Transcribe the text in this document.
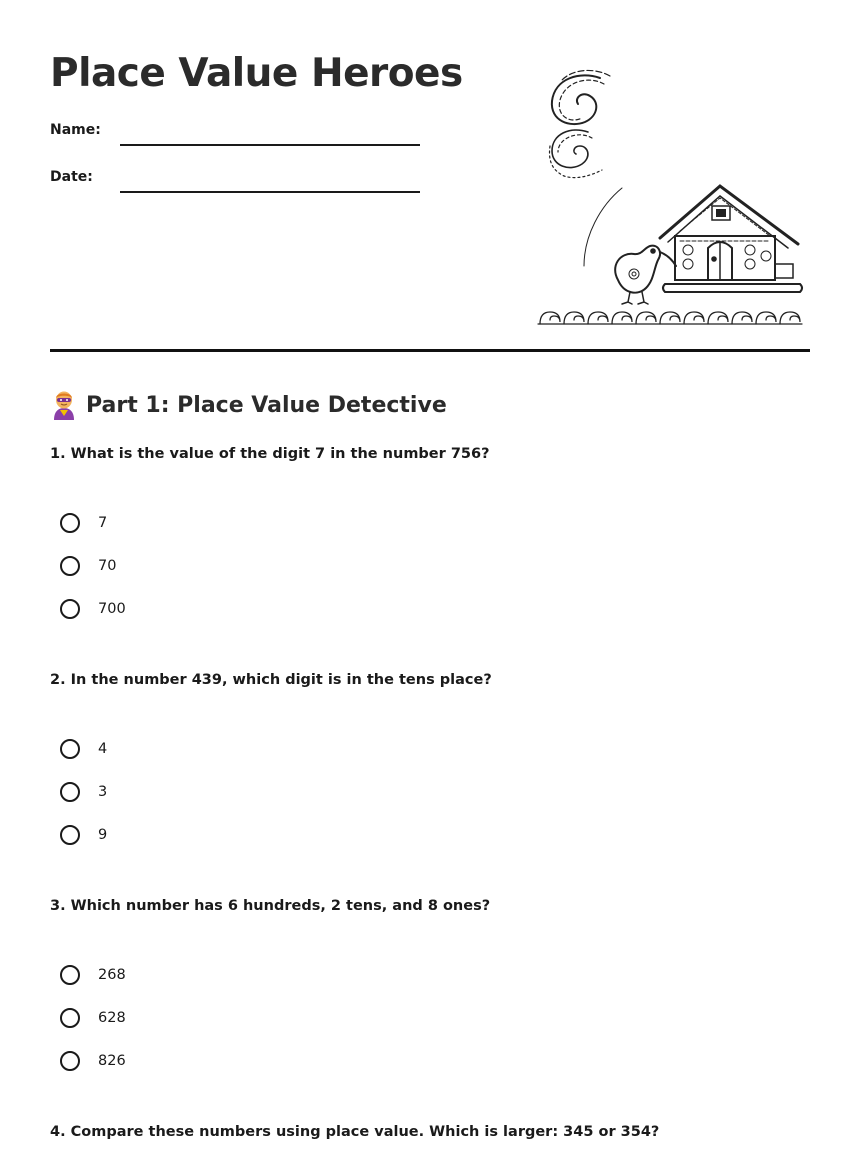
Place Value Heroes
Name:
Date:
Part 1: Place Value Detective

1. What is the value of the digit 7 in the number 756?

7
70
700

2. In the number 439, which digit is in the tens place?

4
3
9

3. Which number has 6 hundreds, 2 tens, and 8 ones?

268
628
826

4. Compare these numbers using place value. Which is larger: 345 or 354?
